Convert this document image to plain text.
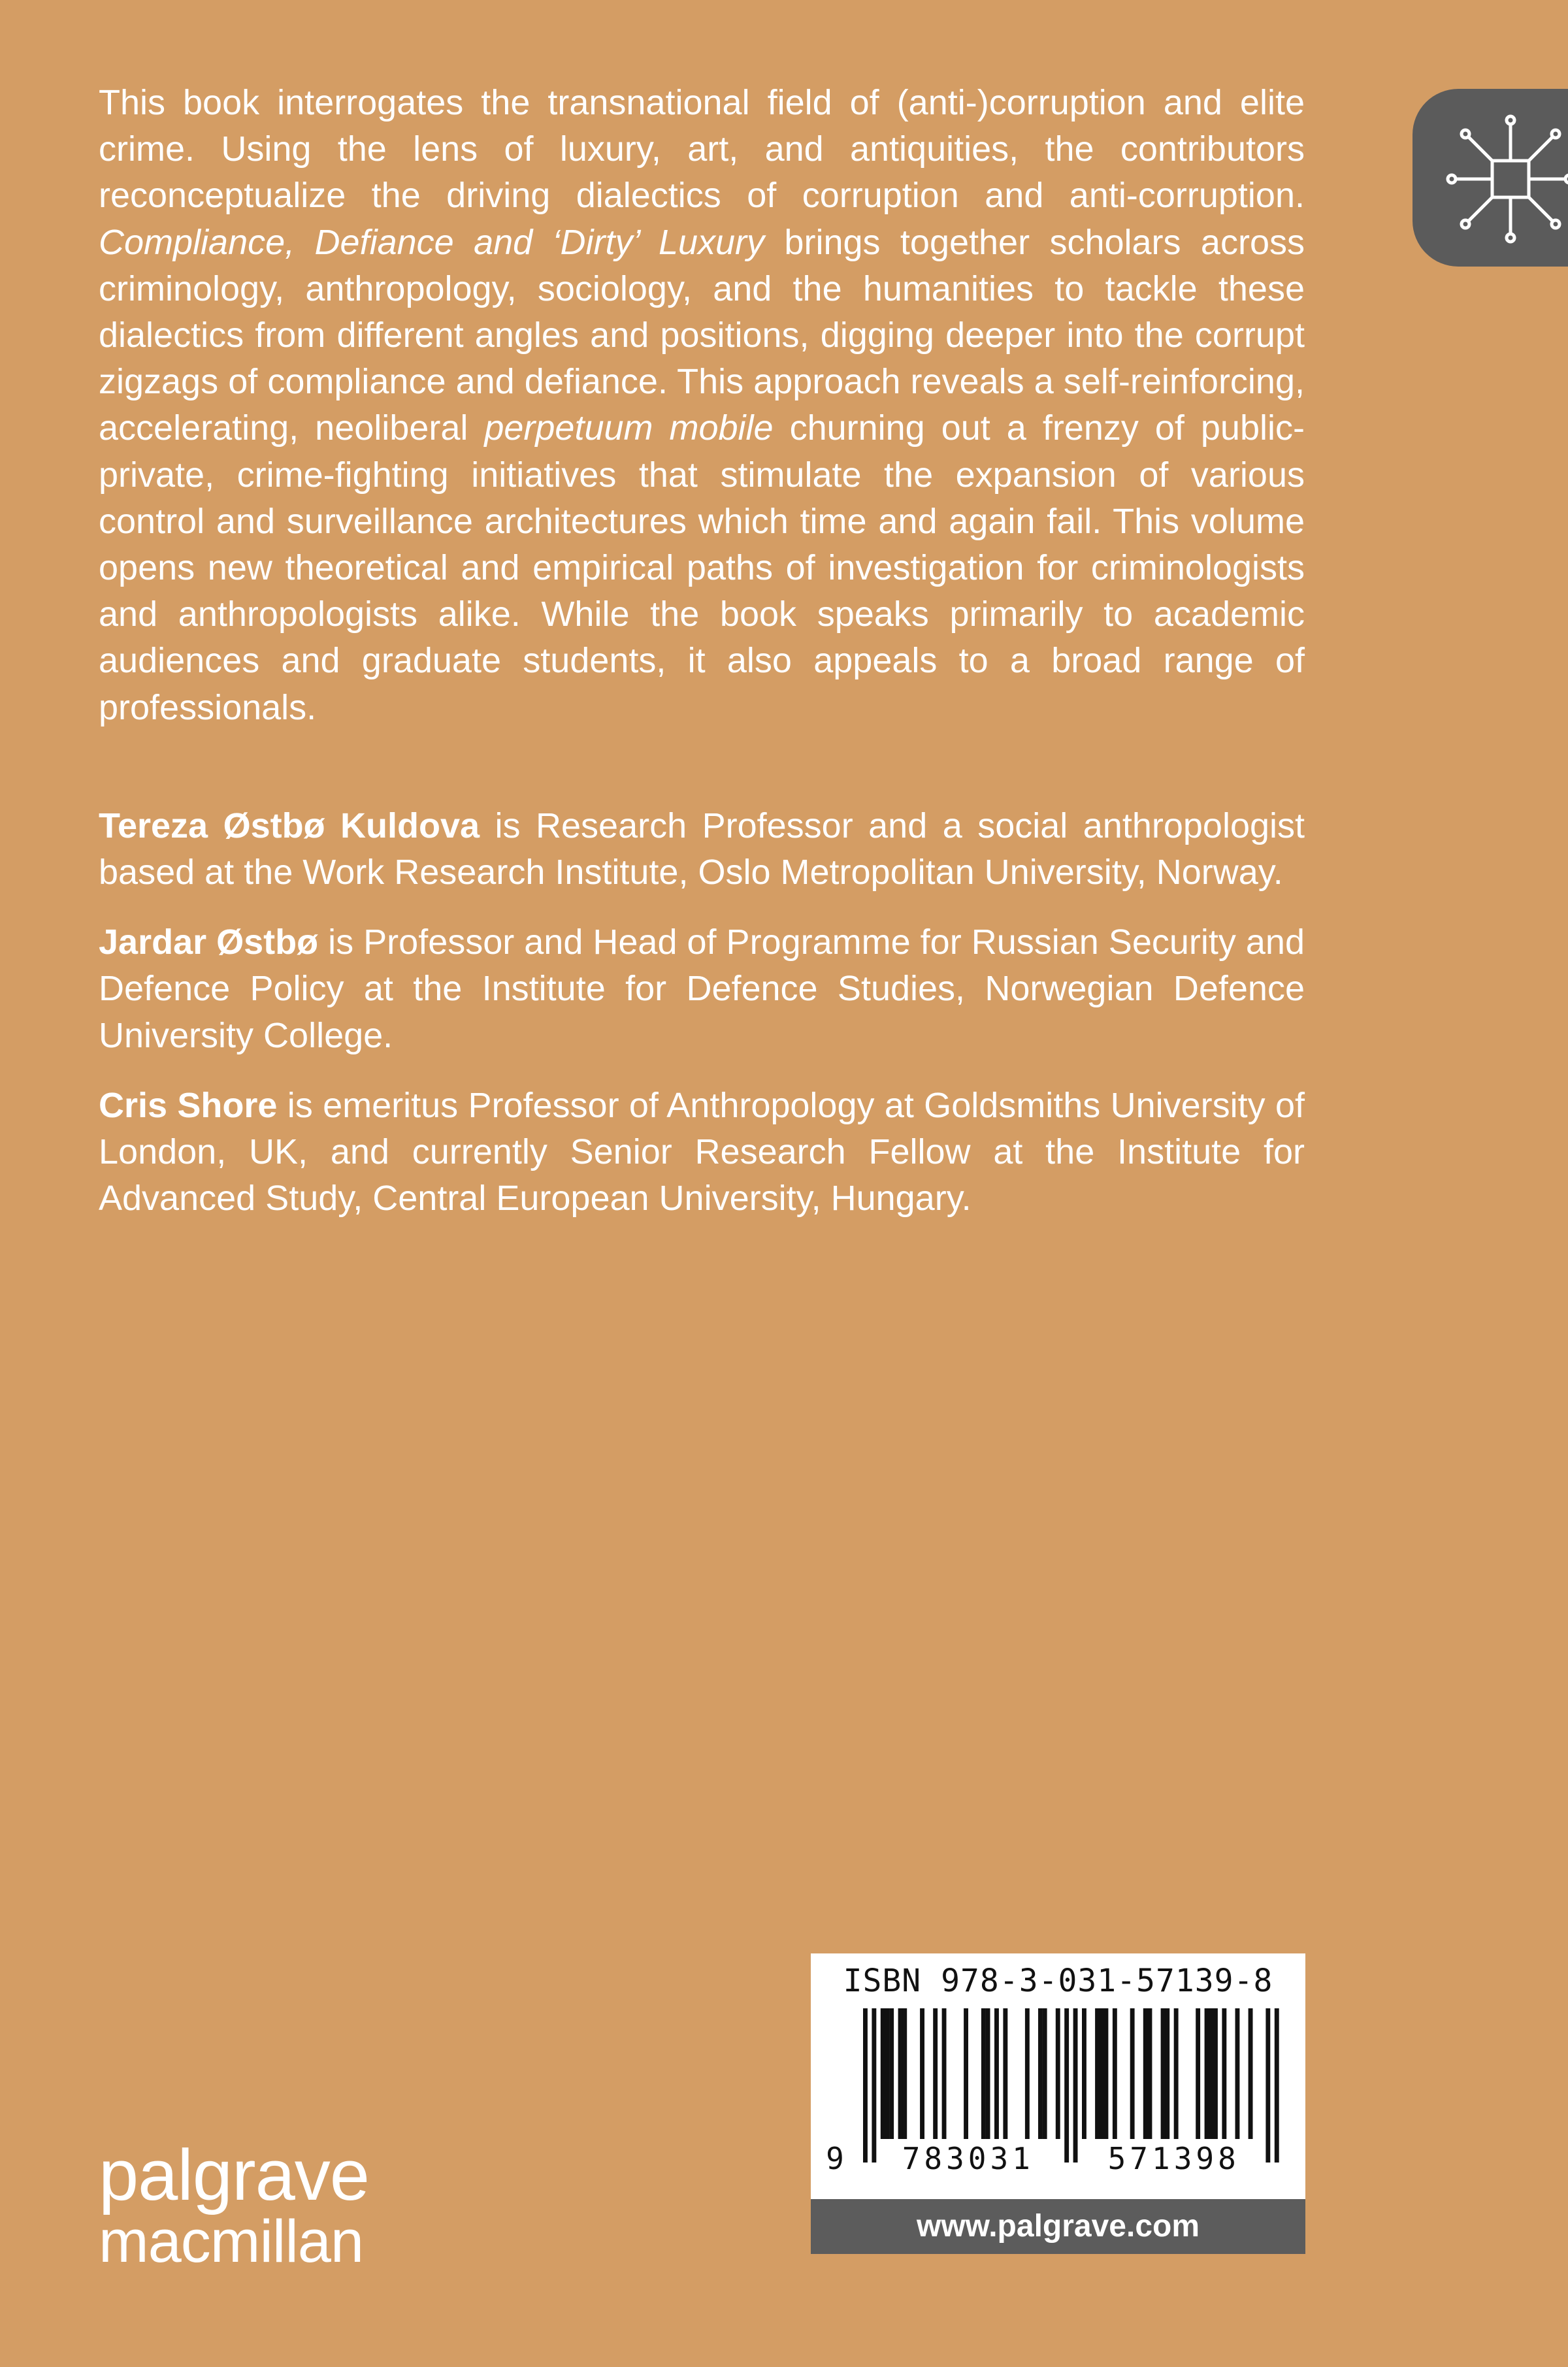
This book interrogates the transnational field of (anti-)corruption and elite crime. Using the lens of luxury, art, and antiquities, the contributors reconceptualize the driving dialectics of corruption and anti-corruption. Compliance, Defiance and ‘Dirty’ Luxury brings together scholars across criminology, anthropology, sociology, and the humanities to tackle these dialectics from different angles and positions, digging deeper into the corrupt zigzags of compliance and defiance. This approach reveals a self-reinforcing, accelerating, neoliberal perpetuum mobile churning out a frenzy of public-private, crime-fighting initiatives that stimulate the expansion of various control and surveillance architectures which time and again fail. This volume opens new theoretical and empirical paths of investigation for criminologists and anthropologists alike. While the book speaks primarily to academic audiences and graduate students, it also appeals to a broad range of professionals.

Tereza Østbø Kuldova is Research Professor and a social anthropologist based at the Work Research Institute, Oslo Metropolitan University, Norway.

Jardar Østbø is Professor and Head of Programme for Russian Security and Defence Policy at the Institute for Defence Studies, Norwegian Defence University College.

Cris Shore is emeritus Professor of Anthropology at Goldsmiths University of London, UK, and currently Senior Research Fellow at the Institute for Advanced Study, Central European University, Hungary.

palgrave
macmillan
ISBN 978-3-031-57139-8
9 783031 571398
www.palgrave.com
